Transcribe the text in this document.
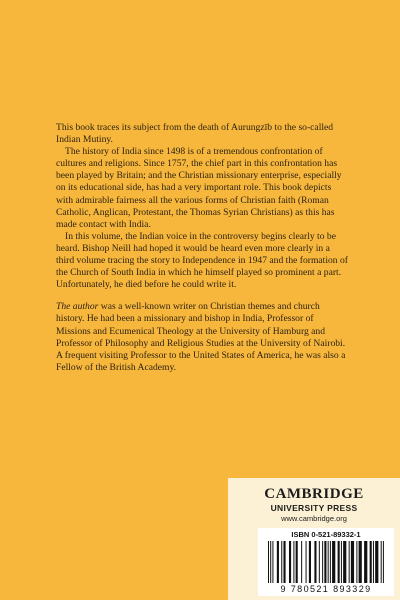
This book traces its subject from the death of Aurungzīb to the so-called Indian Mutiny.

The history of India since 1498 is of a tremendous confrontation of cultures and religions. Since 1757, the chief part in this confrontation has been played by Britain; and the Christian missionary enterprise, especially on its educational side, has had a very important role. This book depicts with admirable fairness all the various forms of Christian faith (Roman Catholic, Anglican, Protestant, the Thomas Syrian Christians) as this has made contact with India.

In this volume, the Indian voice in the controversy begins clearly to be heard. Bishop Neill had hoped it would be heard even more clearly in a third volume tracing the story to Independence in 1947 and the formation of the Church of South India in which he himself played so prominent a part. Unfortunately, he died before he could write it.

The author was a well-known writer on Christian themes and church history. He had been a missionary and bishop in India, Professor of Missions and Ecumenical Theology at the University of Hamburg and Professor of Philosophy and Religious Studies at the University of Nairobi. A frequent visiting Professor to the United States of America, he was also a Fellow of the British Academy.

CAMBRIDGE
UNIVERSITY PRESS
www.cambridge.org
ISBN 0-521-89332-1
9 780521 893329
